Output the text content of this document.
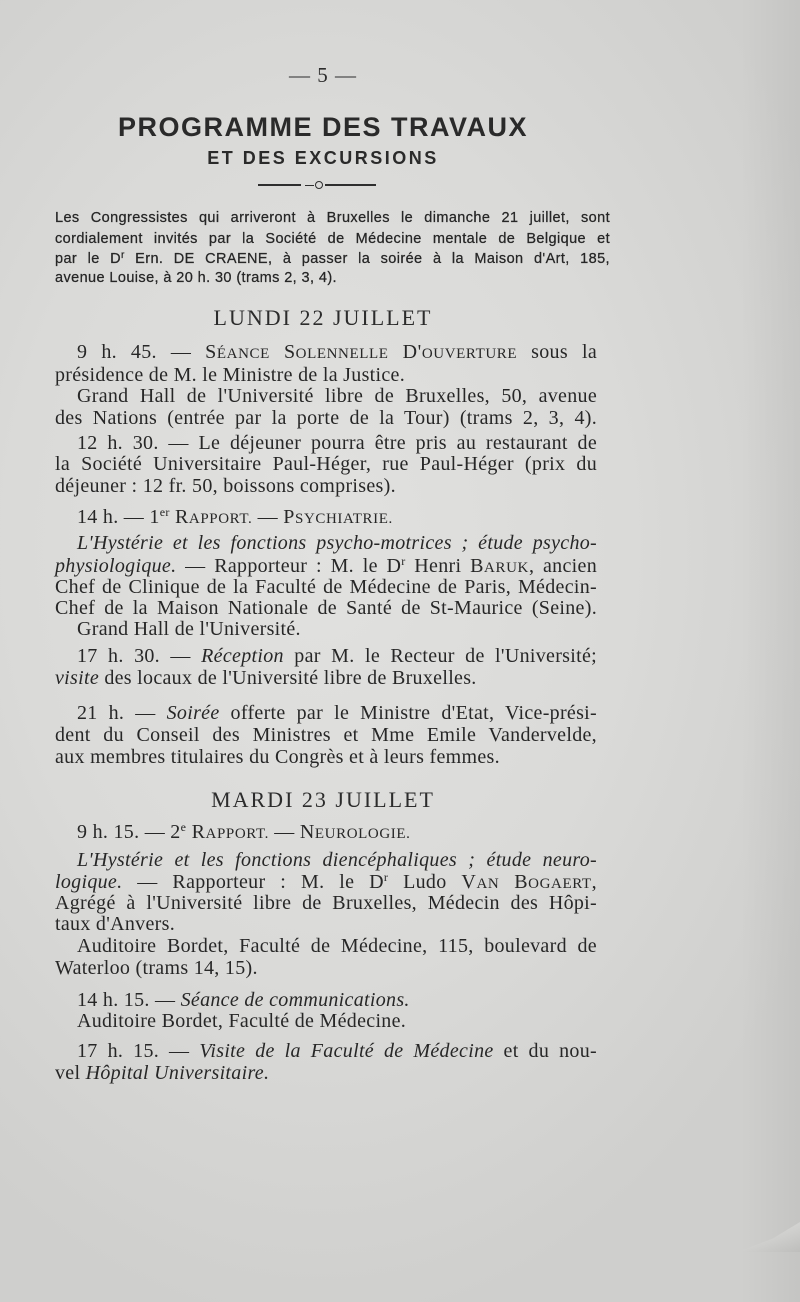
— 5 —
PROGRAMME DES TRAVAUX
ET DES EXCURSIONS
Les Congressistes qui arriveront à Bruxelles le dimanche 21 juillet, sont
cordialement invités par la Société de Médecine mentale de Belgique et
par le $D^r$ Ern. DE CRAENE, à passer la soirée à la Maison d'Art, 185,
avenue Louise, à 20 h. 30 (trams 2, 3, 4).
LUNDI 22 JUILLET
9 h. 45. — SÉANCE SOLENNELLE D'OUVERTURE sous la
présidence de M. le Ministre de la Justice.
Grand Hall de l'Université libre de Bruxelles, 50, avenue
des Nations (entrée par la porte de la Tour) (trams 2, 3, 4).
12 h. 30. — Le déjeuner pourra être pris au restaurant de
la Société Universitaire Paul-Héger, rue Paul-Héger (prix du
déjeuner : 12 fr. 50, boissons comprises).
14 h. — 1er RAPPORT. — PSYCHIATRIE.
L'Hystérie et les fonctions psycho-motrices ; étude psycho-
physiologique. — Rapporteur : M. le $D^r$ Henri BARUK, ancien
Chef de Clinique de la Faculté de Médecine de Paris, Médecin-
Chef de la Maison Nationale de Santé de St-Maurice (Seine).
Grand Hall de l'Université.
17 h. 30. — Réception par M. le Recteur de l'Université;
visite des locaux de l'Université libre de Bruxelles.
21 h. — Soirée offerte par le Ministre d'Etat, Vice-prési-
dent du Conseil des Ministres et Mme Emile Vandervelde,
aux membres titulaires du Congrès et à leurs femmes.
MARDI 23 JUILLET
9 h. 15. — 2e RAPPORT. — NEUROLOGIE.
L'Hystérie et les fonctions diencéphaliques ; étude neuro-
logique. — Rapporteur : M. le $D^r$ Ludo VAN BOGAERT,
Agrégé à l'Université libre de Bruxelles, Médecin des Hôpi-
taux d'Anvers.
Auditoire Bordet, Faculté de Médecine, 115, boulevard de
Waterloo (trams 14, 15).
14 h. 15. — Séance de communications.
Auditoire Bordet, Faculté de Médecine.
17 h. 15. — Visite de la Faculté de Médecine et du nou-
vel Hôpital Universitaire.
